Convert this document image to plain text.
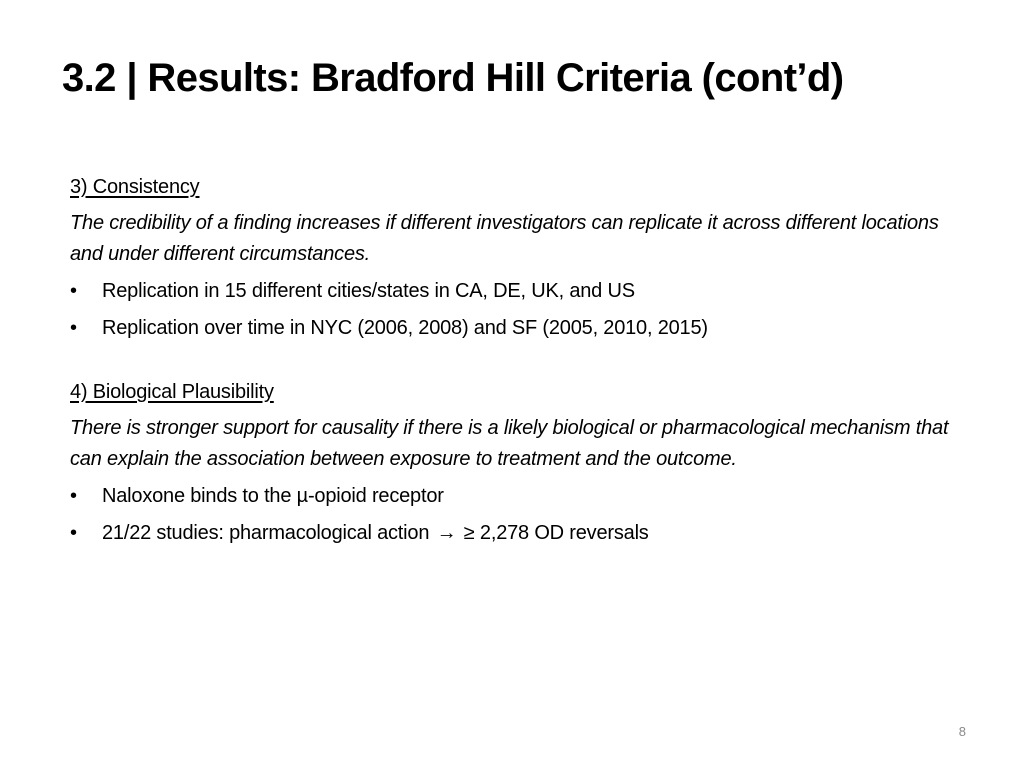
3.2 | Results: Bradford Hill Criteria (cont’d)
3) Consistency

The credibility of a finding increases if different investigators can replicate it across different locations and under different circumstances.

•	Replication in 15 different cities/states in CA, DE, UK, and US
•	Replication over time in NYC (2006, 2008) and SF (2005, 2010, 2015)
4) Biological Plausibility

There is stronger support for causality if there is a likely biological or pharmacological mechanism that can explain the association between exposure to treatment and the outcome.

•	Naloxone binds to the µ-opioid receptor
•	21/22 studies: pharmacological action → ≥ 2,278 OD reversals
8
